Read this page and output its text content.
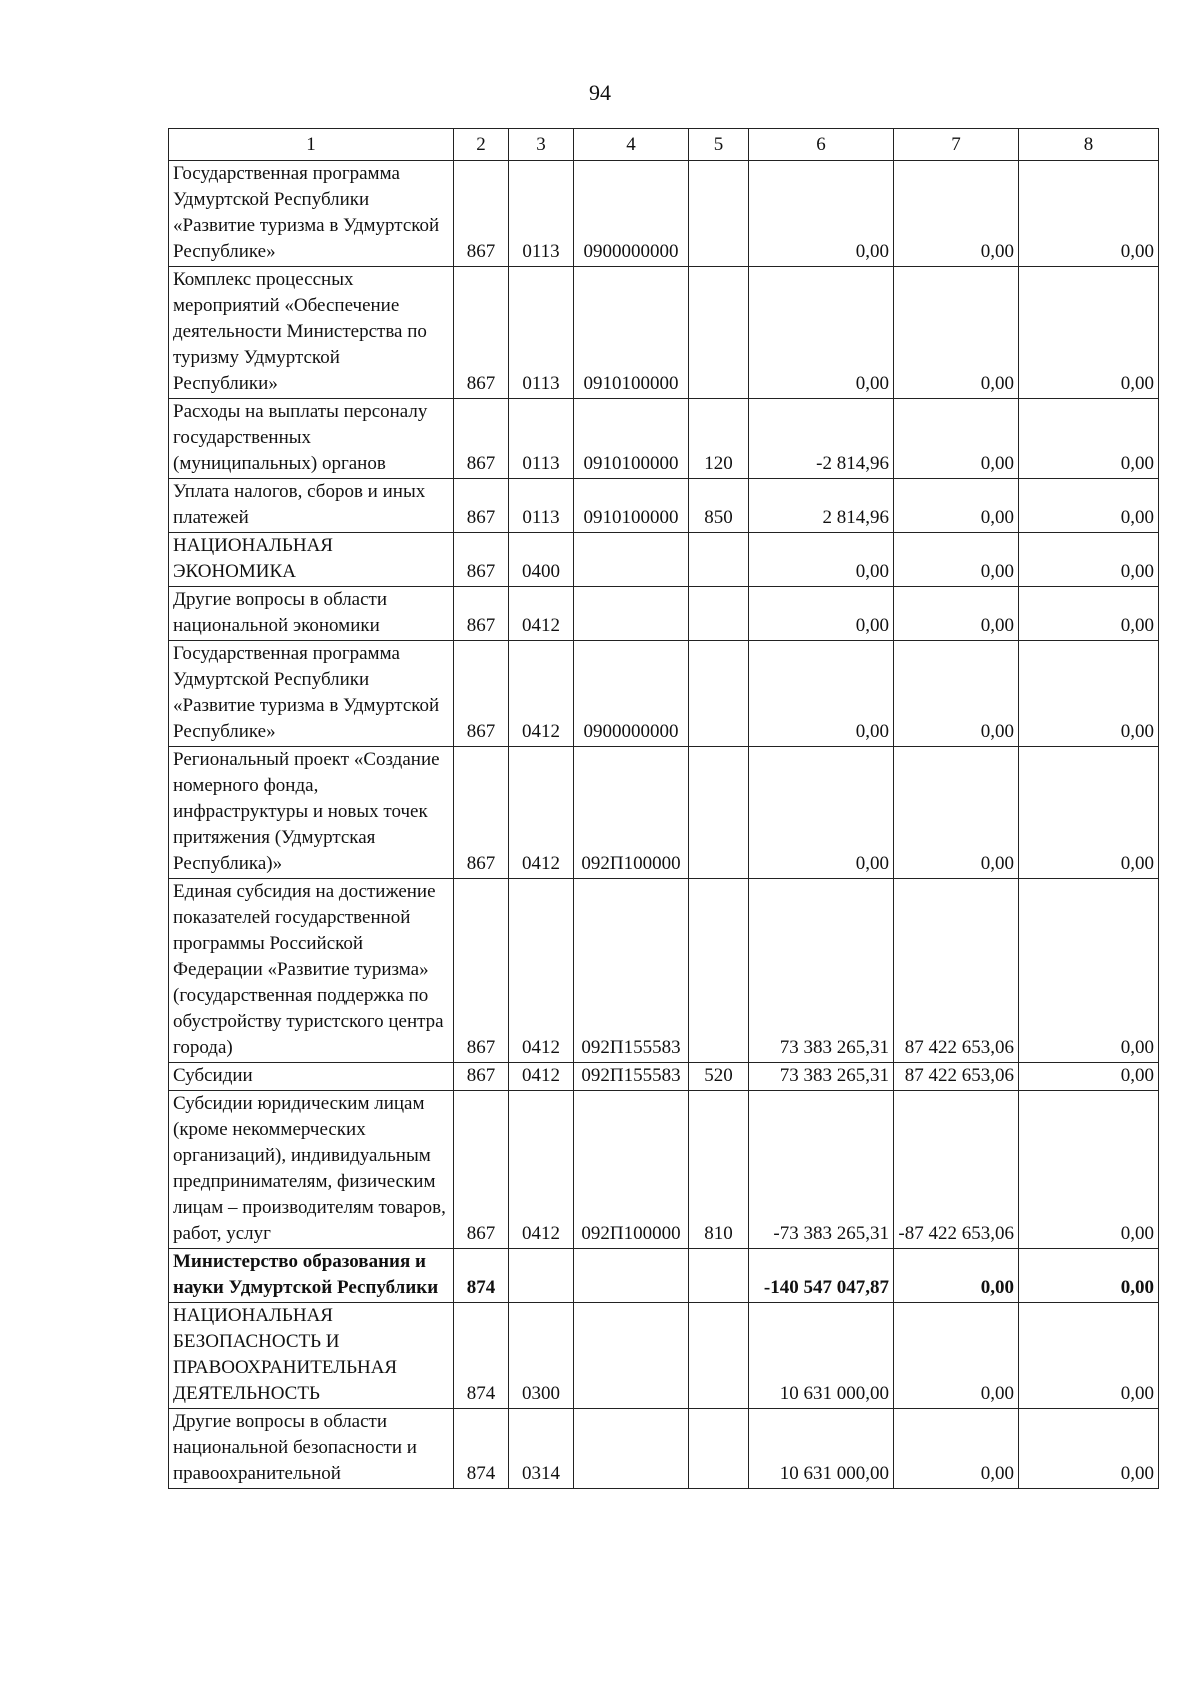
94
1	2	3	4	5	6	7	8
Государственная программа Удмуртской Республики «Развитие туризма в Удмуртской Республике»	867	0113	0900000000		0,00	0,00	0,00
Комплекс процессных мероприятий «Обеспечение деятельности Министерства по туризму Удмуртской Республики»	867	0113	0910100000		0,00	0,00	0,00
Расходы на выплаты персоналу государственных (муниципальных) органов	867	0113	0910100000	120	-2 814,96	0,00	0,00
Уплата налогов, сборов и иных платежей	867	0113	0910100000	850	2 814,96	0,00	0,00
НАЦИОНАЛЬНАЯ ЭКОНОМИКА	867	0400			0,00	0,00	0,00
Другие вопросы в области национальной экономики	867	0412			0,00	0,00	0,00
Государственная программа Удмуртской Республики «Развитие туризма в Удмуртской Республике»	867	0412	0900000000		0,00	0,00	0,00
Региональный проект «Создание номерного фонда, инфраструктуры и новых точек притяжения (Удмуртская Республика)»	867	0412	092П100000		0,00	0,00	0,00
Единая субсидия на достижение показателей государственной программы Российской Федерации «Развитие туризма» (государственная поддержка по обустройству туристского центра города)	867	0412	092П155583		73 383 265,31	87 422 653,06	0,00
Субсидии	867	0412	092П155583	520	73 383 265,31	87 422 653,06	0,00
Субсидии юридическим лицам (кроме некоммерческих организаций), индивидуальным предпринимателям, физическим лицам – производителям товаров, работ, услуг	867	0412	092П100000	810	-73 383 265,31	-87 422 653,06	0,00
Министерство образования и науки Удмуртской Республики	874				-140 547 047,87	0,00	0,00
НАЦИОНАЛЬНАЯ БЕЗОПАСНОСТЬ И ПРАВООХРАНИТЕЛЬНАЯ ДЕЯТЕЛЬНОСТЬ	874	0300			10 631 000,00	0,00	0,00
Другие вопросы в области национальной безопасности и правоохранительной	874	0314			10 631 000,00	0,00	0,00
